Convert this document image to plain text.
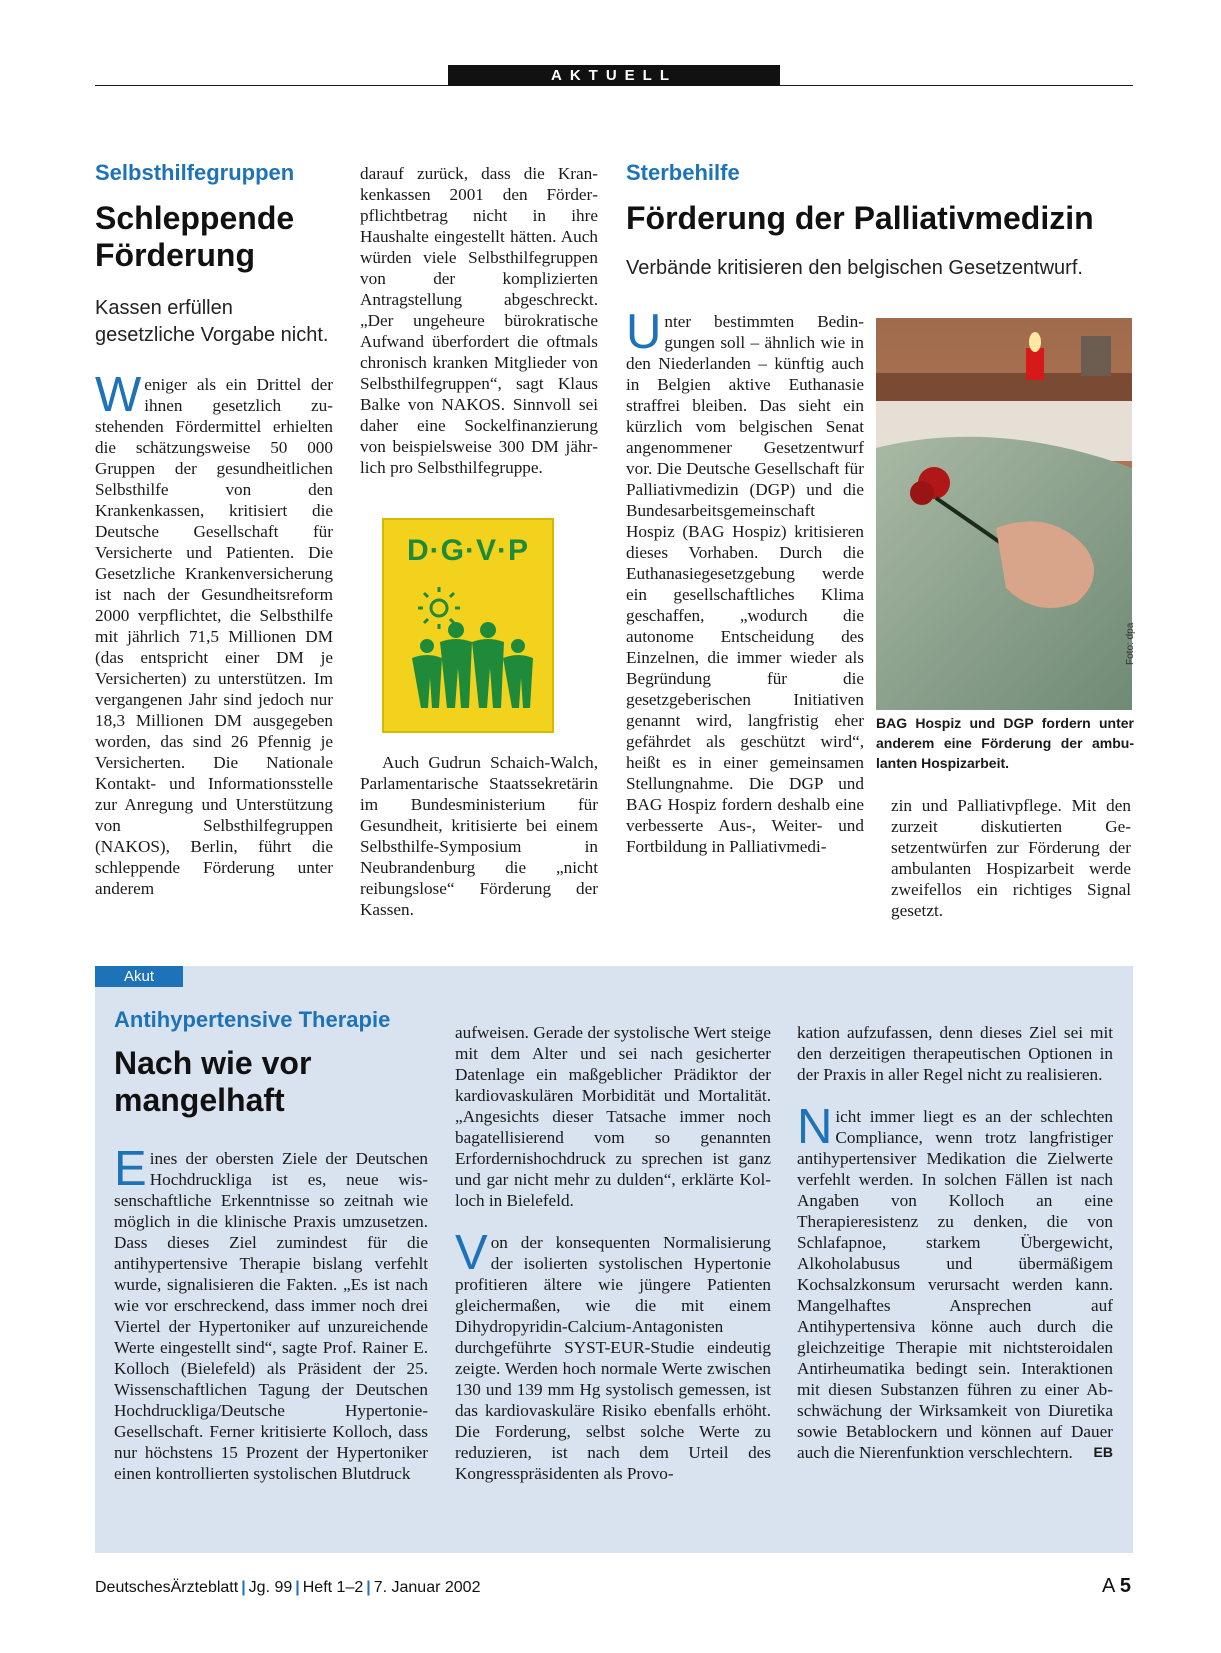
AKTUELL
Selbsthilfegruppen
Schleppende
Förderung
Kassen erfüllen
gesetzliche Vorgabe nicht.

Weniger als ein Drittel der ihnen gesetzlich zustehenden Fördermittel erhielten die schätzungsweise 50 000 Gruppen der gesundheitlichen Selbsthilfe von den Krankenkassen, kritisiert die Deutsche Gesellschaft für Versicherte und Patienten. Die Gesetzliche Krankenversicherung ist nach der Gesundheitsreform 2000 verpflichtet, die Selbsthilfe mit jährlich 71,5 Millionen DM (das entspricht einer DM je Versicherten) zu unterstützen. Im vergangenen Jahr sind jedoch nur 18,3 Millionen DM ausgegeben worden, das sind 26 Pfennig je Versicherten. Die Nationale Kontakt- und Informationsstelle zur Anregung und Unterstützung von Selbsthilfegruppen (NAKOS), Berlin, führt die schleppende Förderung unter anderem

darauf zurück, dass die Krankenkassen 2001 den Förderpflichtbetrag nicht in ihre Haushalte eingestellt hätten. Auch würden viele Selbsthilfegruppen von der komplizierten Antragstellung abgeschreckt. „Der ungeheure bürokratische Aufwand überfordert die oftmals chronisch kranken Mitglieder von Selbsthilfegruppen“, sagt Klaus Balke von NAKOS. Sinnvoll sei daher eine Sockelfinanzierung von beispielsweise 300 DM jährlich pro Selbsthilfegruppe.

D·G·V·P

Auch Gudrun Schaich-Walch, Parlamentarische Staatssekretärin im Bundesministerium für Gesundheit, kritisierte bei einem Selbsthilfe-Symposium in Neubrandenburg die „nicht reibungslose“ Förderung der Kassen.

Sterbehilfe
Förderung der Palliativmedizin
Verbände kritisieren den belgischen Gesetzentwurf.

Unter bestimmten Bedingungen soll – ähnlich wie in den Niederlanden – künftig auch in Belgien aktive Euthanasie straffrei bleiben. Das sieht ein kürzlich vom belgischen Senat angenommener Gesetzentwurf vor. Die Deutsche Gesellschaft für Palliativmedizin (DGP) und die Bundesarbeitsgemeinschaft Hospiz (BAG Hospiz) kritisieren dieses Vorhaben. Durch die Euthanasiegesetzgebung werde ein gesellschaftliches Klima geschaffen, „wodurch die autonome Entscheidung des Einzelnen, die immer wieder als Begründung für die gesetzgeberischen Initiativen genannt wird, langfristig eher gefährdet als geschützt wird“, heißt es in einer gemeinsamen Stellungnahme. Die DGP und BAG Hospiz fordern deshalb eine verbesserte Aus-, Weiter- und Fortbildung in Palliativmedi-

Foto: dpa
BAG Hospiz und DGP fordern unter anderem eine Förderung der ambulanten Hospizarbeit.

zin und Palliativpflege. Mit den zurzeit diskutierten Gesetzentwürfen zur Förderung der ambulanten Hospizarbeit werde zweifellos ein richtiges Signal gesetzt.

Akut
Antihypertensive Therapie
Nach wie vor
mangelhaft

Eines der obersten Ziele der Deutschen Hochdruckliga ist es, neue wissenschaftliche Erkenntnisse so zeitnah wie möglich in die klinische Praxis umzusetzen. Dass dieses Ziel zumindest für die antihypertensive Therapie bislang verfehlt wurde, signalisieren die Fakten. „Es ist nach wie vor erschreckend, dass immer noch drei Viertel der Hypertoniker auf unzureichende Werte eingestellt sind“, sagte Prof. Rainer E. Kolloch (Bielefeld) als Präsident der 25. Wissenschaftlichen Tagung der Deutschen Hochdruckliga/Deutsche Hypertonie-Gesellschaft. Ferner kritisierte Kolloch, dass nur höchstens 15 Prozent der Hypertoniker einen kontrollierten systolischen Blutdruck

aufweisen. Gerade der systolische Wert steige mit dem Alter und sei nach gesicherter Datenlage ein maßgeblicher Prädiktor der kardiovaskulären Morbidität und Mortalität. „Angesichts dieser Tatsache immer noch bagatellisierend vom so genannten Erfordernishochdruck zu sprechen ist ganz und gar nicht mehr zu dulden“, erklärte Kolloch in Bielefeld.

Von der konsequenten Normalisierung der isolierten systolischen Hypertonie profitieren ältere wie jüngere Patienten gleichermaßen, wie die mit einem Dihydropyridin-Calcium-Antagonisten durchgeführte SYST-EUR-Studie eindeutig zeigte. Werden hoch normale Werte zwischen 130 und 139 mm Hg systolisch gemessen, ist das kardiovaskuläre Risiko ebenfalls erhöht. Die Forderung, selbst solche Werte zu reduzieren, ist nach dem Urteil des Kongresspräsidenten als Provo-

kation aufzufassen, denn dieses Ziel sei mit den derzeitigen therapeutischen Optionen in der Praxis in aller Regel nicht zu realisieren.

Nicht immer liegt es an der schlechten Compliance, wenn trotz langfristiger antihypertensiver Medikation die Zielwerte verfehlt werden. In solchen Fällen ist nach Angaben von Kolloch an eine Therapieresistenz zu denken, die von Schlafapnoe, starkem Übergewicht, Alkoholabusus und übermäßigem Kochsalzkonsum verursacht werden kann. Mangelhaftes Ansprechen auf Antihypertensiva könne auch durch die gleichzeitige Therapie mit nichtsteroidalen Antirheumatika bedingt sein. Interaktionen mit diesen Substanzen führen zu einer Abschwächung der Wirksamkeit von Diuretika sowie Betablockern und können auf Dauer auch die Nierenfunktion verschlechtern. EB

DeutschesÄrzteblatt | Jg. 99 | Heft 1–2 | 7. Januar 2002	A 5
